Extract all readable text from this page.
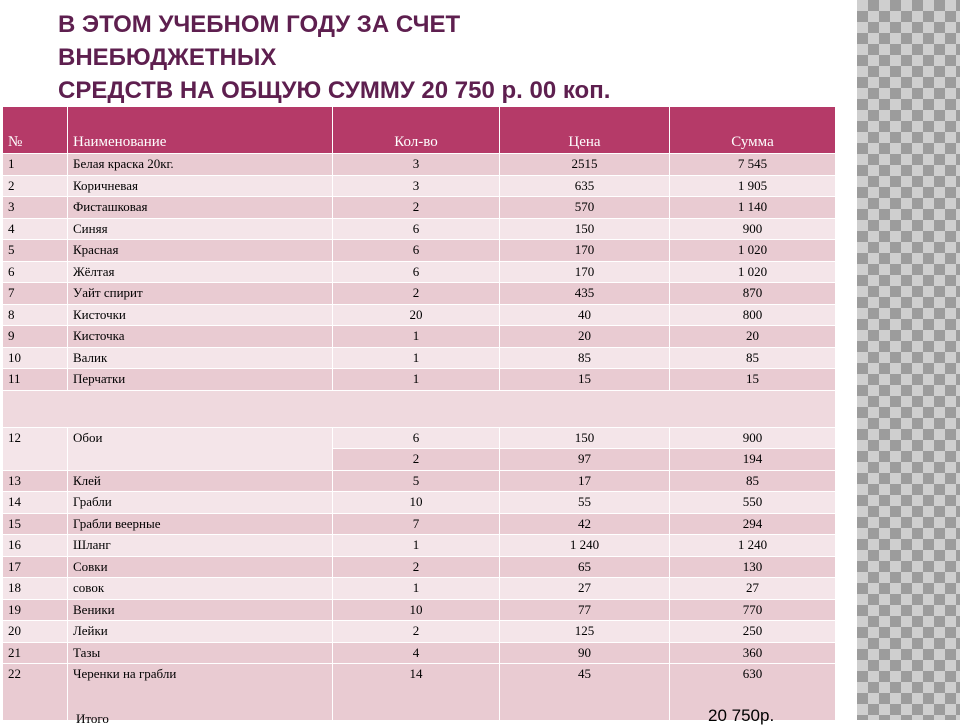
В ЭТОМ УЧЕБНОМ ГОДУ ЗА СЧЕТ
ВНЕБЮДЖЕТНЫХ
СРЕДСТВ НА ОБЩУЮ СУММУ 20 750 р. 00 коп.
№	Наименование	Кол-во	Цена	Сумма
1	Белая краска 20кг.	3	2515	7 545
2	Коричневая	3	635	1 905
3	Фисташковая	2	570	1 140
4	Синяя	6	150	900
5	Красная	6	170	1 020
6	Жёлтая	6	170	1 020
7	Уайт спирит	2	435	870
8	Кисточки	20	40	800
9	Кисточка	1	20	20
10	Валик	1	85	85
11	Перчатки	1	15	15

12	Обои	6	150	900
		2	97	194
13	Клей	5	17	85
14	Грабли	10	55	550
15	Грабли веерные	7	42	294
16	Шланг	1	1 240	1 240
17	Совки	2	65	130
18	совок	1	27	27
19	Веники	10	77	770
20	Лейки	2	125	250
21	Тазы	4	90	360
22	Черенки на грабли	14	45	630
Итого	20 750р.
